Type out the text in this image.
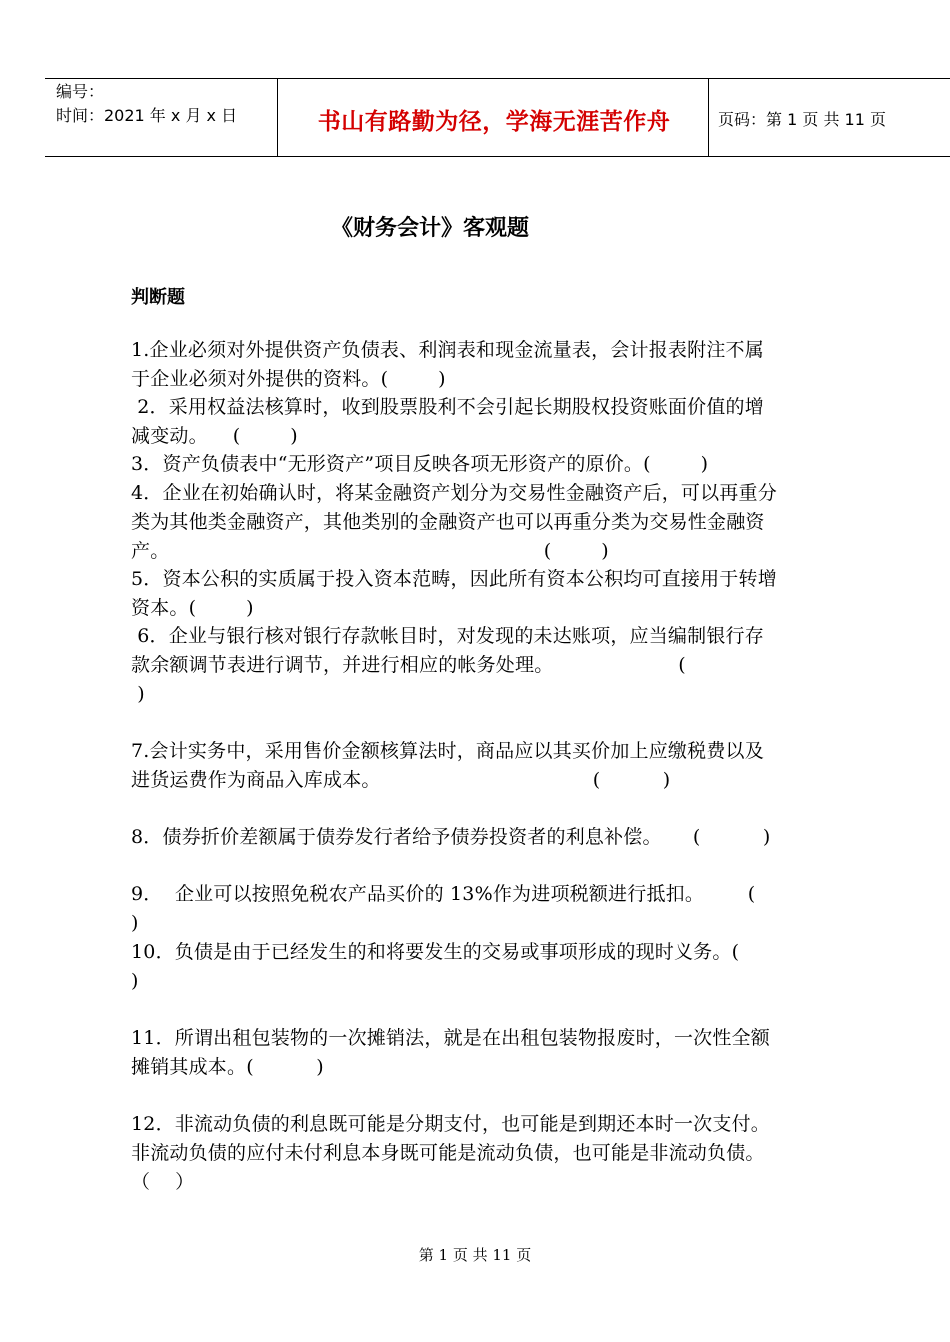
编号：
时间：2021 年 x 月 x 日	书山有路勤为径，学海无涯苦作舟	页码：第 1 页 共 11 页
《财务会计》客观题
判断题
1.企业必须对外提供资产负债表、利润表和现金流量表，会计报表附注不属
于企业必须对外提供的资料。(        )
2．采用权益法核算时，收到股票股利不会引起长期股权投资账面价值的增
减变动。    (        )
3．资产负债表中“无形资产”项目反映各项无形资产的原价。(        )
4．企业在初始确认时，将某金融资产划分为交易性金融资产后，可以再重分
类为其他类金融资产，其他类别的金融资产也可以再重分类为交易性金融资
产。                                                            (        )
5．资本公积的实质属于投入资本范畴，因此所有资本公积均可直接用于转增
资本。(        )
6．企业与银行核对银行存款帐目时，对发现的未达账项，应当编制银行存
款余额调节表进行调节，并进行相应的帐务处理。                    (
)
7.会计实务中，采用售价金额核算法时，商品应以其买价加上应缴税费以及
进货运费作为商品入库成本。                                  (          )
8．债券折价差额属于债券发行者给予债券投资者的利息补偿。     (          )
9．  企业可以按照免税农产品买价的 13%作为进项税额进行抵扣。       (
)
10．负债是由于已经发生的和将要发生的交易或事项形成的现时义务。(
)
11．所谓出租包装物的一次摊销法，就是在出租包装物报废时，一次性全额
摊销其成本。(          )
12．非流动负债的利息既可能是分期支付，也可能是到期还本时一次支付。
非流动负债的应付未付利息本身既可能是流动负债，也可能是非流动负债。
（    ）
第 1 页 共 11 页
